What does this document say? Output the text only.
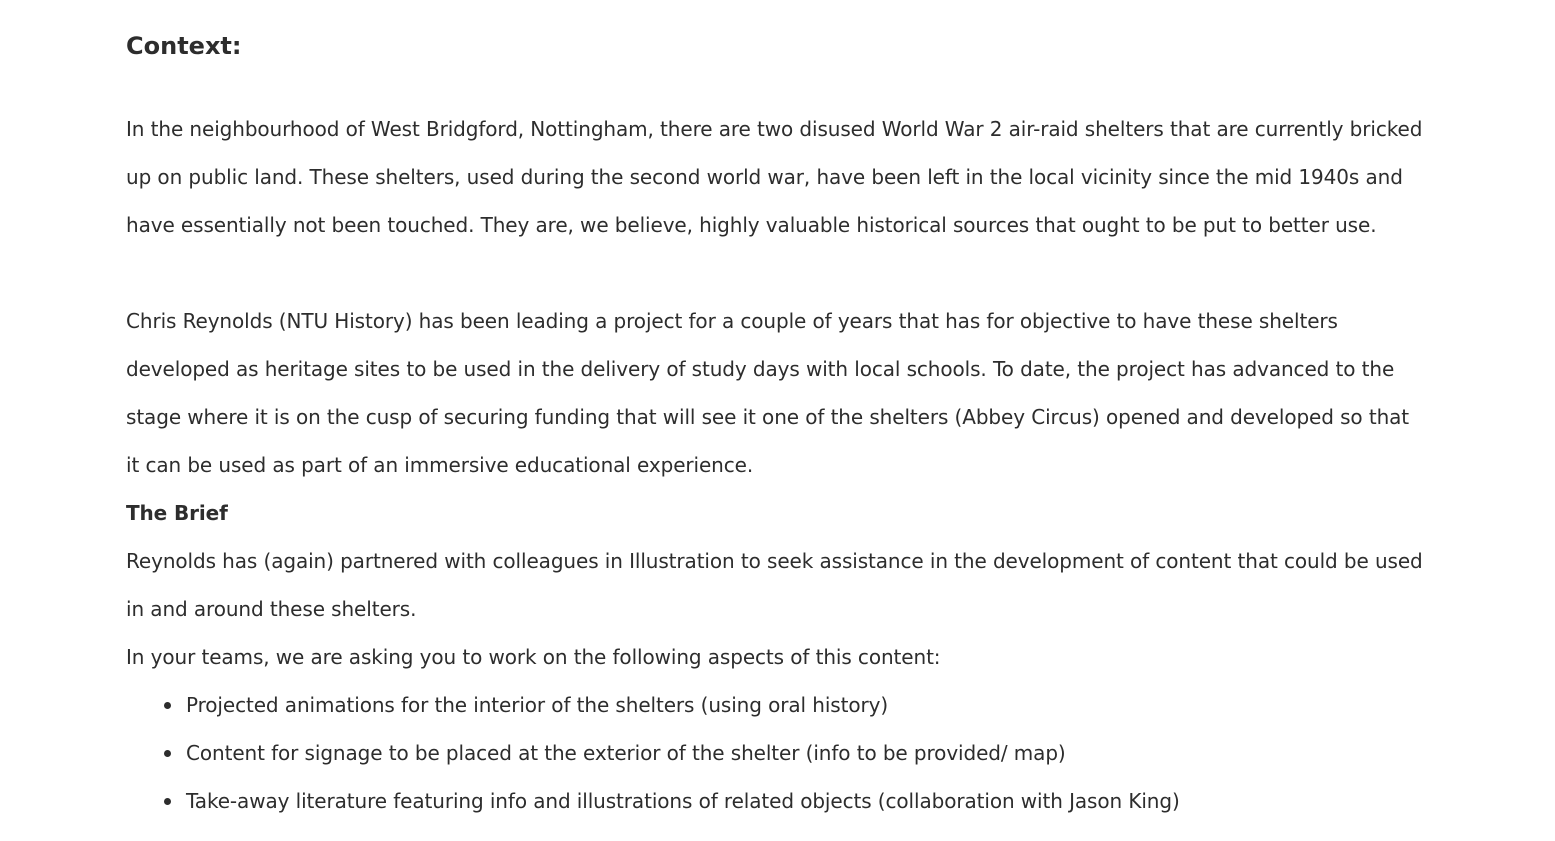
Context:

In the neighbourhood of West Bridgford, Nottingham, there are two disused World War 2 air-raid shelters that are currently bricked up on public land. These shelters, used during the second world war, have been left in the local vicinity since the mid 1940s and have essentially not been touched. They are, we believe, highly valuable historical sources that ought to be put to better use.

Chris Reynolds (NTU History) has been leading a project for a couple of years that has for objective to have these shelters developed as heritage sites to be used in the delivery of study days with local schools. To date, the project has advanced to the stage where it is on the cusp of securing funding that will see it one of the shelters (Abbey Circus) opened and developed so that it can be used as part of an immersive educational experience.

The Brief

Reynolds has (again) partnered with colleagues in Illustration to seek assistance in the development of content that could be used in and around these shelters.

In your teams, we are asking you to work on the following aspects of this content:

Projected animations for the interior of the shelters (using oral history)
Content for signage to be placed at the exterior of the shelter (info to be provided/ map)
Take-away literature featuring info and illustrations of related objects (collaboration with Jason King)
